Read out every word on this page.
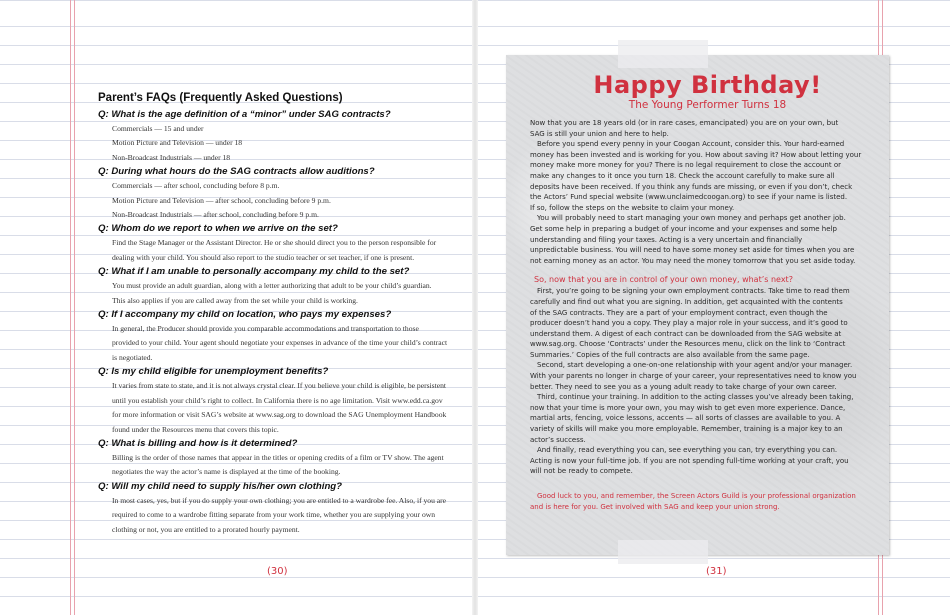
Parent’s FAQs (Frequently Asked Questions)

Q: What is the age definition of a “minor” under SAG contracts?

Commercials — 15 and under
Motion Picture and Television — under 18
Non-Broadcast Industrials — under 18

Q: During what hours do the SAG contracts allow auditions?

Commercials — after school, concluding before 8 p.m.
Motion Picture and Television — after school, concluding before 9 p.m.
Non-Broadcast Industrials — after school, concluding before 9 p.m.

Q: Whom do we report to when we arrive on the set?

Find the Stage Manager or the Assistant Director. He or she should direct you to the person responsible for
dealing with your child. You should also report to the studio teacher or set teacher, if one is present.

Q: What if I am unable to personally accompany my child to the set?

You must provide an adult guardian, along with a letter authorizing that adult to be your child’s guardian.
This also applies if you are called away from the set while your child is working.

Q: If I accompany my child on location, who pays my expenses?

In general, the Producer should provide you comparable accommodations and transportation to those
provided to your child. Your agent should negotiate your expenses in advance of the time your child’s contract
is negotiated.

Q: Is my child eligible for unemployment benefits?

It varies from state to state, and it is not always crystal clear. If you believe your child is eligible, be persistent
until you establish your child’s right to collect. In California there is no age limitation. Visit www.edd.ca.gov
for more information or visit SAG’s website at www.sag.org to download the SAG Unemployment Handbook
found under the Resources menu that covers this topic.

Q: What is billing and how is it determined?

Billing is the order of those names that appear in the titles or opening credits of a film or TV show. The agent
negotiates the way the actor’s name is displayed at the time of the booking.

Q: Will my child need to supply his/her own clothing?

In most cases, yes, but if you do supply your own clothing; you are entitled to a wardrobe fee. Also, if you are
required to come to a wardrobe fitting separate from your work time, whether you are supplying your own
clothing or not, you are entitled to a prorated hourly payment.
(30)
Happy Birthday!
The Young Performer Turns 18
Now that you are 18 years old (or in rare cases, emancipated) you are on your own, but
SAG is still your union and here to help.
Before you spend every penny in your Coogan Account, consider this. Your hard-earned
money has been invested and is working for you. How about saving it? How about letting your
money make more money for you? There is no legal requirement to close the account or
make any changes to it once you turn 18. Check the account carefully to make sure all
deposits have been received. If you think any funds are missing, or even if you don’t, check
the Actors’ Fund special website (www.unclaimedcoogan.org) to see if your name is listed.
If so, follow the steps on the website to claim your money.
You will probably need to start managing your own money and perhaps get another job.
Get some help in preparing a budget of your income and your expenses and some help
understanding and filing your taxes. Acting is a very uncertain and financially
unpredictable business. You will need to have some money set aside for times when you are
not earning money as an actor. You may need the money tomorrow that you set aside today.
So, now that you are in control of your own money, what’s next?
First, you’re going to be signing your own employment contracts. Take time to read them
carefully and find out what you are signing. In addition, get acquainted with the contents
of the SAG contracts. They are a part of your employment contract, even though the
producer doesn’t hand you a copy. They play a major role in your success, and it’s good to
understand them. A digest of each contract can be downloaded from the SAG website at
www.sag.org. Choose ‘Contracts’ under the Resources menu, click on the link to ‘Contract
Summaries.’ Copies of the full contracts are also available from the same page.
Second, start developing a one-on-one relationship with your agent and/or your manager.
With your parents no longer in charge of your career, your representatives need to know you
better. They need to see you as a young adult ready to take charge of your own career.
Third, continue your training. In addition to the acting classes you’ve already been taking,
now that your time is more your own, you may wish to get even more experience. Dance,
martial arts, fencing, voice lessons, accents — all sorts of classes are available to you. A
variety of skills will make you more employable. Remember, training is a major key to an
actor’s success.
And finally, read everything you can, see everything you can, try everything you can.
Acting is now your full-time job. If you are not spending full-time working at your craft, you
will not be ready to compete.
Good luck to you, and remember, the Screen Actors Guild is your professional organization
and is here for you. Get involved with SAG and keep your union strong.
(31)
